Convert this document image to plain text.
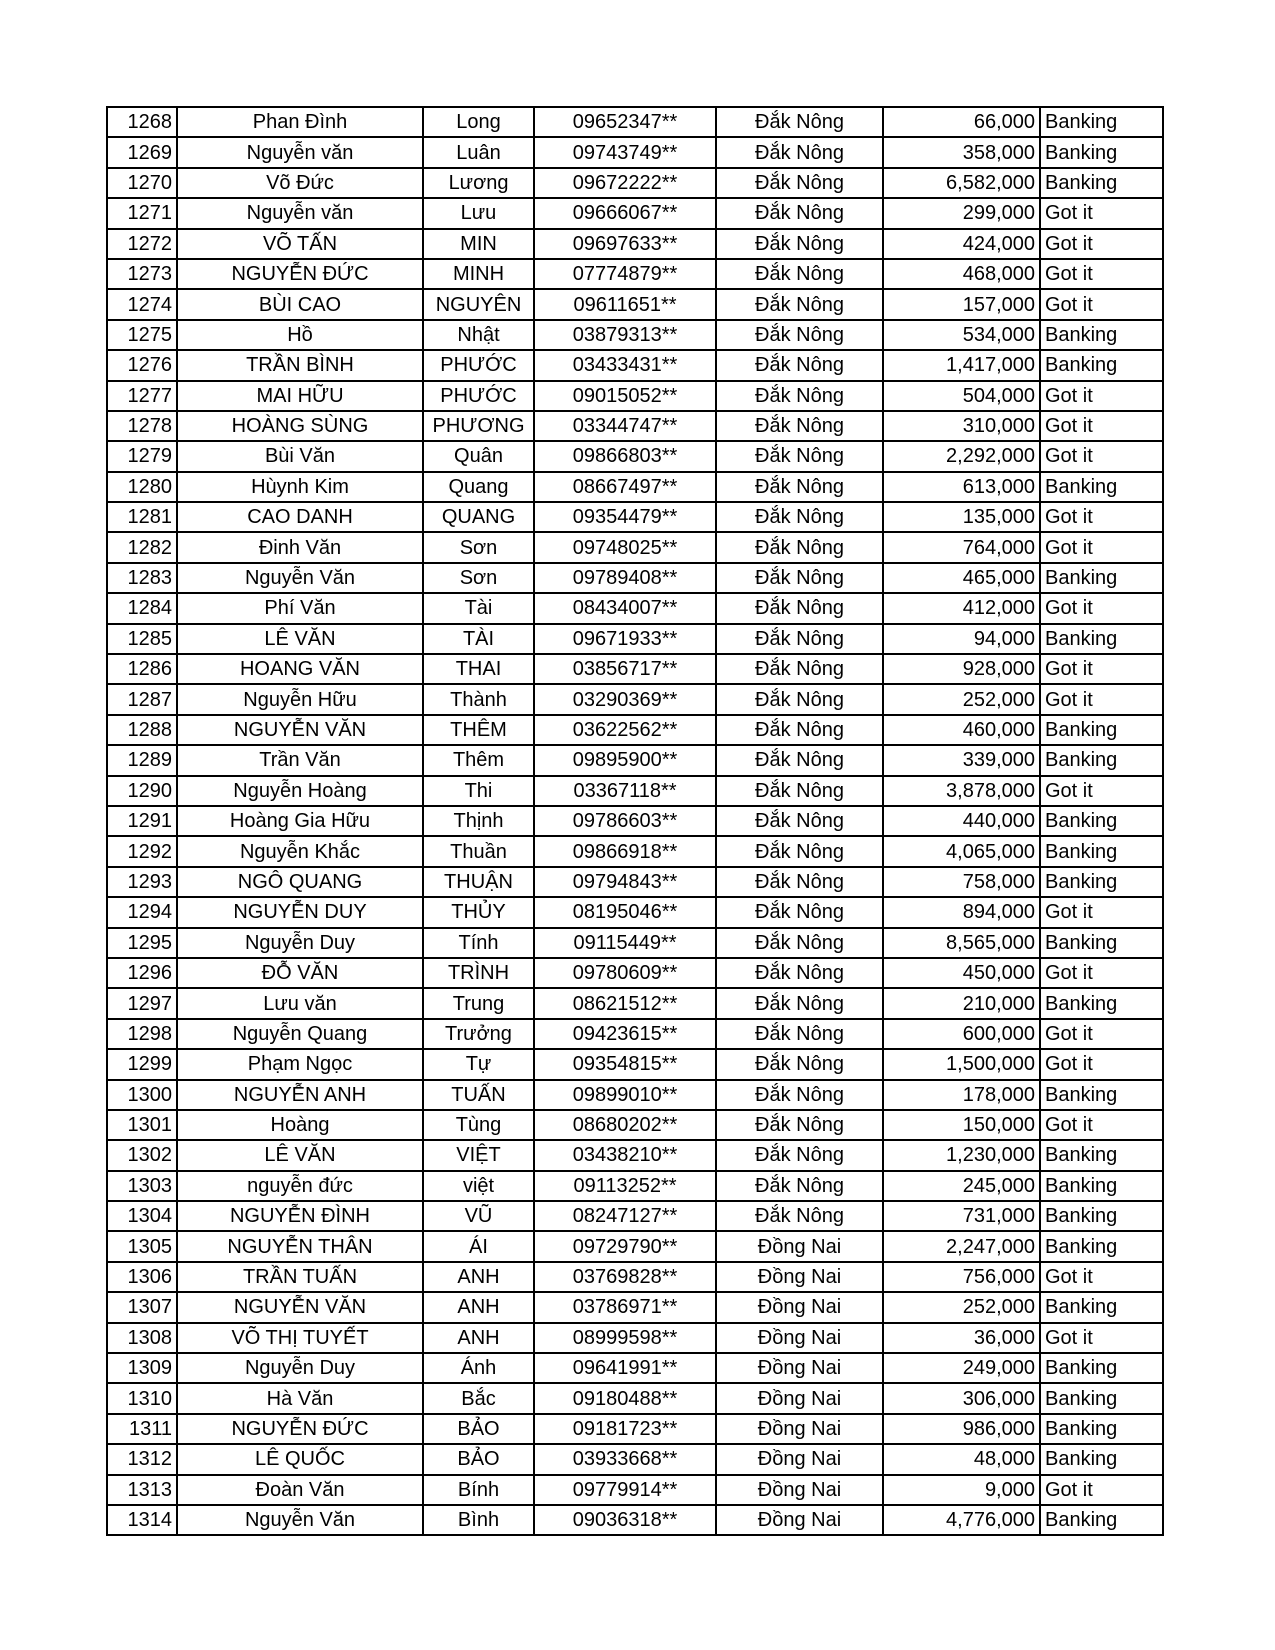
1268	Phan Đình	Long	09652347**	Đắk Nông	66,000	Banking
1269	Nguyễn văn	Luân	09743749**	Đắk Nông	358,000	Banking
1270	Võ Đức	Lương	09672222**	Đắk Nông	6,582,000	Banking
1271	Nguyễn văn	Lưu	09666067**	Đắk Nông	299,000	Got it
1272	VÕ TẤN	MIN	09697633**	Đắk Nông	424,000	Got it
1273	NGUYỄN ĐỨC	MINH	07774879**	Đắk Nông	468,000	Got it
1274	BÙI CAO	NGUYÊN	09611651**	Đắk Nông	157,000	Got it
1275	Hồ	Nhật	03879313**	Đắk Nông	534,000	Banking
1276	TRẦN BÌNH	PHƯỚC	03433431**	Đắk Nông	1,417,000	Banking
1277	MAI HỮU	PHƯỚC	09015052**	Đắk Nông	504,000	Got it
1278	HOÀNG SÙNG	PHƯƠNG	03344747**	Đắk Nông	310,000	Got it
1279	Bùi Văn	Quân	09866803**	Đắk Nông	2,292,000	Got it
1280	Hùynh Kim	Quang	08667497**	Đắk Nông	613,000	Banking
1281	CAO DANH	QUANG	09354479**	Đắk Nông	135,000	Got it
1282	Đinh Văn	Sơn	09748025**	Đắk Nông	764,000	Got it
1283	Nguyễn Văn	Sơn	09789408**	Đắk Nông	465,000	Banking
1284	Phí Văn	Tài	08434007**	Đắk Nông	412,000	Got it
1285	LÊ VĂN	TÀI	09671933**	Đắk Nông	94,000	Banking
1286	HOANG VĂN	THAI	03856717**	Đắk Nông	928,000	Got it
1287	Nguyễn Hữu	Thành	03290369**	Đắk Nông	252,000	Got it
1288	NGUYỄN VĂN	THÊM	03622562**	Đắk Nông	460,000	Banking
1289	Trần Văn	Thêm	09895900**	Đắk Nông	339,000	Banking
1290	Nguyễn Hoàng	Thi	03367118**	Đắk Nông	3,878,000	Got it
1291	Hoàng Gia Hữu	Thịnh	09786603**	Đắk Nông	440,000	Banking
1292	Nguyễn Khắc	Thuần	09866918**	Đắk Nông	4,065,000	Banking
1293	NGÔ QUANG	THUẬN	09794843**	Đắk Nông	758,000	Banking
1294	NGUYỄN DUY	THỦY	08195046**	Đắk Nông	894,000	Got it
1295	Nguyễn Duy	Tính	09115449**	Đắk Nông	8,565,000	Banking
1296	ĐỖ VĂN	TRÌNH	09780609**	Đắk Nông	450,000	Got it
1297	Lưu văn	Trung	08621512**	Đắk Nông	210,000	Banking
1298	Nguyễn Quang	Trưởng	09423615**	Đắk Nông	600,000	Got it
1299	Phạm Ngọc	Tự	09354815**	Đắk Nông	1,500,000	Got it
1300	NGUYỄN ANH	TUẤN	09899010**	Đắk Nông	178,000	Banking
1301	Hoàng	Tùng	08680202**	Đắk Nông	150,000	Got it
1302	LÊ VĂN	VIỆT	03438210**	Đắk Nông	1,230,000	Banking
1303	nguyễn đức	việt	09113252**	Đắk Nông	245,000	Banking
1304	NGUYỄN ĐÌNH	VŨ	08247127**	Đắk Nông	731,000	Banking
1305	NGUYỄN THÂN	ÁI	09729790**	Đồng Nai	2,247,000	Banking
1306	TRẦN TUẤN	ANH	03769828**	Đồng Nai	756,000	Got it
1307	NGUYỄN VĂN	ANH	03786971**	Đồng Nai	252,000	Banking
1308	VÕ THỊ TUYẾT	ANH	08999598**	Đồng Nai	36,000	Got it
1309	Nguyễn Duy	Ánh	09641991**	Đồng Nai	249,000	Banking
1310	Hà Văn	Bắc	09180488**	Đồng Nai	306,000	Banking
1311	NGUYỄN ĐỨC	BẢO	09181723**	Đồng Nai	986,000	Banking
1312	LÊ QUỐC	BẢO	03933668**	Đồng Nai	48,000	Banking
1313	Đoàn Văn	Bính	09779914**	Đồng Nai	9,000	Got it
1314	Nguyễn Văn	Bình	09036318**	Đồng Nai	4,776,000	Banking
